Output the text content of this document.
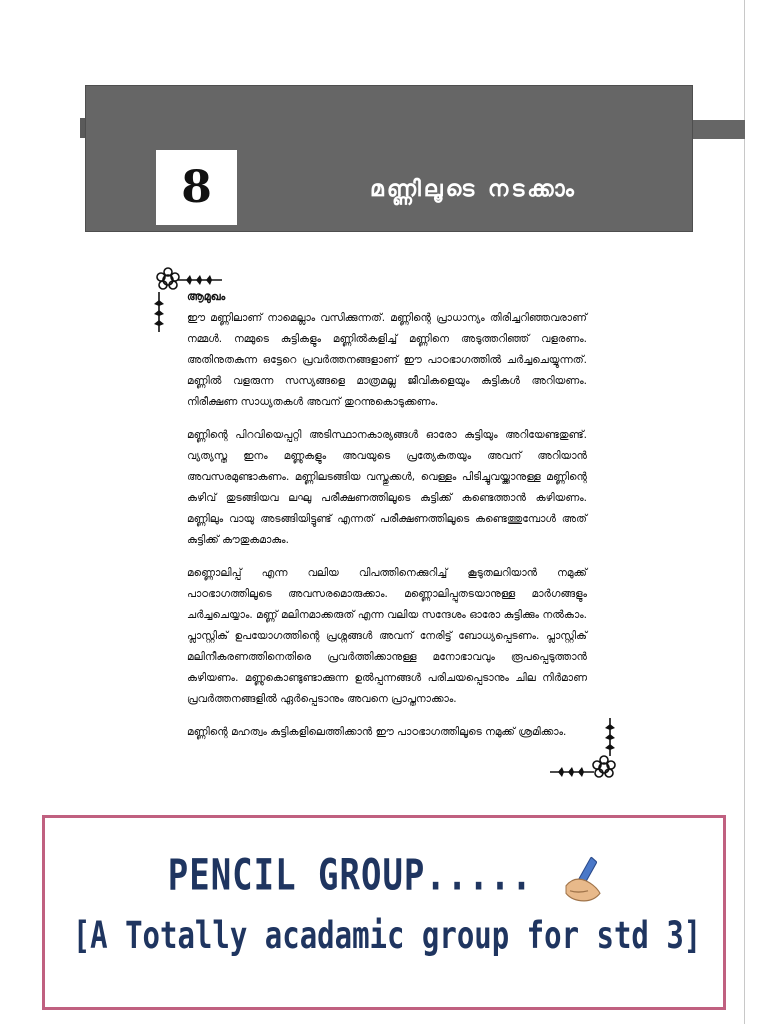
8	മണ്ണിലൂടെ നടക്കാം
ആമുഖം

ഈ മണ്ണിലാണ് നാമെല്ലാം വസിക്കുന്നത്. മണ്ണിന്റെ പ്രാധാന്യം തിരിച്ചറിഞ്ഞവരാണ് നമ്മൾ. നമ്മുടെ കുട്ടികളും മണ്ണിൽകളിച്ച് മണ്ണിനെ അടുത്തറിഞ്ഞ് വളരണം. അതിനുതകുന്ന ഒട്ടേറെ പ്രവർത്തനങ്ങളാണ് ഈ പാഠഭാഗത്തിൽ ചർച്ചചെയ്യുന്നത്. മണ്ണിൽ വളരുന്ന സസ്യങ്ങളെ മാത്രമല്ല ജീവികളെയും കുട്ടികൾ അറിയണം. നിരീക്ഷണ സാധ്യതകൾ അവന് തുറന്നുകൊടുക്കണം.

മണ്ണിന്റെ പിറവിയെപ്പറ്റി അടിസ്ഥാനകാര്യങ്ങൾ ഓരോ കുട്ടിയും അറിയേണ്ടതുണ്ട്. വ്യത്യസ്ത ഇനം മണ്ണുകളും അവയുടെ പ്രത്യേകതയും അവന് അറിയാൻ അവസരമുണ്ടാകണം. മണ്ണിലടങ്ങിയ വസ്തുക്കൾ, വെള്ളം പിടിച്ചുവയ്ക്കാനുള്ള മണ്ണിന്റെ കഴിവ് തുടങ്ങിയവ ലഘു പരീക്ഷണത്തിലൂടെ കുട്ടിക്ക് കണ്ടെത്താൻ കഴിയണം. മണ്ണിലും വായു അടങ്ങിയിട്ടുണ്ട് എന്നത് പരീക്ഷണത്തിലൂടെ കണ്ടെത്തുമ്പോൾ അത് കുട്ടിക്ക് കൗതുകമാകും.

മണ്ണൊലിപ്പ് എന്ന വലിയ വിപത്തിനെക്കുറിച്ച് കൂടുതലറിയാൻ നമുക്ക് പാഠഭാഗത്തിലൂടെ അവസരമൊരുക്കാം. മണ്ണൊലിപ്പുതടയാനുള്ള മാർഗങ്ങളും ചർച്ചചെയ്യാം. മണ്ണ് മലിനമാക്കരുത് എന്ന വലിയ സന്ദേശം ഓരോ കുട്ടിക്കും നൽകാം. പ്ലാസ്റ്റിക് ഉപയോഗത്തിന്റെ പ്രശ്നങ്ങൾ അവന് നേരിട്ട് ബോധ്യപ്പെടണം. പ്ലാസ്റ്റിക് മലിനീകരണത്തിനെതിരെ പ്രവർത്തിക്കാനുള്ള മനോഭാവവും രൂപപ്പെടുത്താൻ കഴിയണം. മണ്ണുകൊണ്ടുണ്ടാക്കുന്ന ഉൽപ്പന്നങ്ങൾ പരിചയപ്പെടാനും ചില നിർമാണ പ്രവർത്തനങ്ങളിൽ ഏർപ്പെടാനും അവനെ പ്രാപ്തനാക്കാം.

മണ്ണിന്റെ മഹത്വം കുട്ടികളിലെത്തിക്കാൻ ഈ പാഠഭാഗത്തിലൂടെ നമുക്ക് ശ്രമിക്കാം.

PENCIL GROUP.....
[A Totally acadamic group for std 3]
